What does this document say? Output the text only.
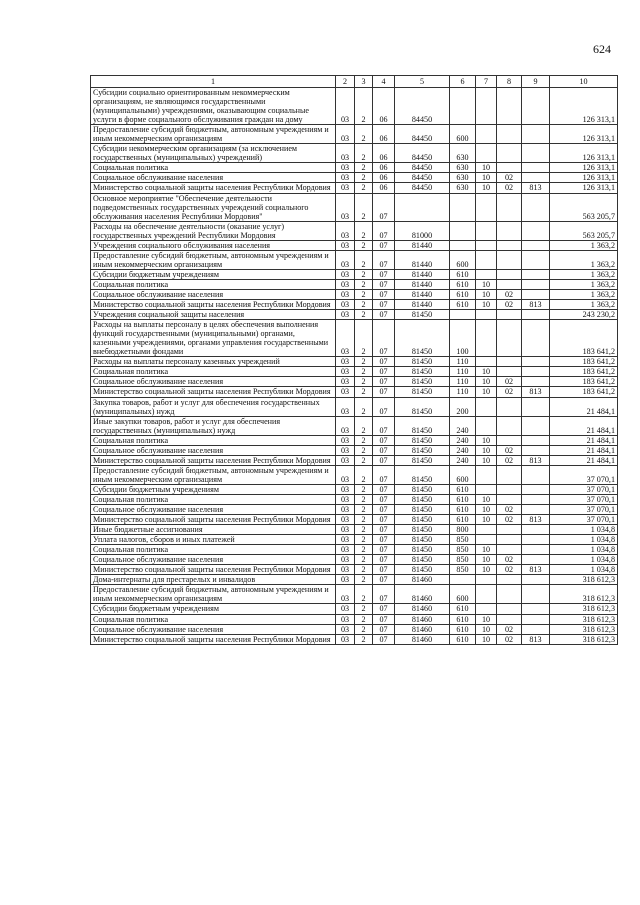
624
1	2	3	4	5	6	7	8	9	10
Субсидии социально ориентированным некоммерческим организациям, не являющимся государственными (муниципальными) учреждениями, оказывающим социальные услуги в форме социального обслуживания граждан на дому	03	2	06	84450					126 313,1
Предоставление субсидий бюджетным, автономным учреждениям и иным некоммерческим организациям	03	2	06	84450	600				126 313,1
Субсидии некоммерческим организациям (за исключением государственных (муниципальных) учреждений)	03	2	06	84450	630				126 313,1
Социальная политика	03	2	06	84450	630	10			126 313,1
Социальное обслуживание населения	03	2	06	84450	630	10	02		126 313,1
Министерство социальной защиты населения Республики Мордовия	03	2	06	84450	630	10	02	813	126 313,1
Основное мероприятие "Обеспечение деятельности подведомственных государственных учреждений социального обслуживания населения Республики Мордовия"	03	2	07						563 205,7
Расходы на обеспечение деятельности (оказание услуг) государственных учреждений Республики Мордовия	03	2	07	81000					563 205,7
Учреждения социального обслуживания населения	03	2	07	81440					1 363,2
Предоставление субсидий бюджетным, автономным учреждениям и иным некоммерческим организациям	03	2	07	81440	600				1 363,2
Субсидии бюджетным учреждениям	03	2	07	81440	610				1 363,2
Социальная политика	03	2	07	81440	610	10			1 363,2
Социальное обслуживание населения	03	2	07	81440	610	10	02		1 363,2
Министерство социальной защиты населения Республики Мордовия	03	2	07	81440	610	10	02	813	1 363,2
Учреждения социальной защиты населения	03	2	07	81450					243 230,2
Расходы на выплаты персоналу в целях обеспечения выполнения функций государственными (муниципальными) органами, казенными учреждениями, органами управления государственными внебюджетными фондами	03	2	07	81450	100				183 641,2
Расходы на выплаты персоналу казенных учреждений	03	2	07	81450	110				183 641,2
Социальная политика	03	2	07	81450	110	10			183 641,2
Социальное обслуживание населения	03	2	07	81450	110	10	02		183 641,2
Министерство социальной защиты населения Республики Мордовия	03	2	07	81450	110	10	02	813	183 641,2
Закупка товаров, работ и услуг для обеспечения государственных (муниципальных) нужд	03	2	07	81450	200				21 484,1
Иные закупки товаров, работ и услуг для обеспечения государственных (муниципальных) нужд	03	2	07	81450	240				21 484,1
Социальная политика	03	2	07	81450	240	10			21 484,1
Социальное обслуживание населения	03	2	07	81450	240	10	02		21 484,1
Министерство социальной защиты населения Республики Мордовия	03	2	07	81450	240	10	02	813	21 484,1
Предоставление субсидий бюджетным, автономным учреждениям и иным некоммерческим организациям	03	2	07	81450	600				37 070,1
Субсидии бюджетным учреждениям	03	2	07	81450	610				37 070,1
Социальная политика	03	2	07	81450	610	10			37 070,1
Социальное обслуживание населения	03	2	07	81450	610	10	02		37 070,1
Министерство социальной защиты населения Республики Мордовия	03	2	07	81450	610	10	02	813	37 070,1
Иные бюджетные ассигнования	03	2	07	81450	800				1 034,8
Уплата налогов, сборов и иных платежей	03	2	07	81450	850				1 034,8
Социальная политика	03	2	07	81450	850	10			1 034,8
Социальное обслуживание населения	03	2	07	81450	850	10	02		1 034,8
Министерство социальной защиты населения Республики Мордовия	03	2	07	81450	850	10	02	813	1 034,8
Дома-интернаты для престарелых и инвалидов	03	2	07	81460					318 612,3
Предоставление субсидий бюджетным, автономным учреждениям и иным некоммерческим организациям	03	2	07	81460	600				318 612,3
Субсидии бюджетным учреждениям	03	2	07	81460	610				318 612,3
Социальная политика	03	2	07	81460	610	10			318 612,3
Социальное обслуживание населения	03	2	07	81460	610	10	02		318 612,3
Министерство социальной защиты населения Республики Мордовия	03	2	07	81460	610	10	02	813	318 612,3
